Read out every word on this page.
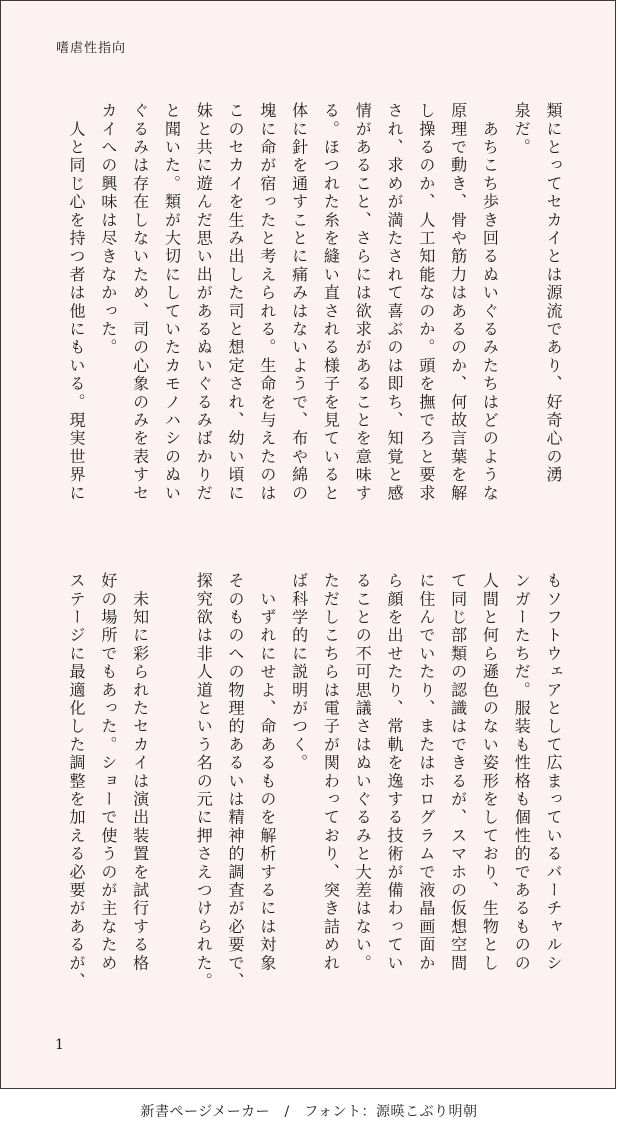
嗜虐性指向
類にとってセカイとは源流であり、好奇心の湧
泉だ。
　あちこち歩き回るぬいぐるみたちはどのような
原理で動き、骨や筋力はあるのか、何故言葉を解
し操るのか、人工知能なのか。頭を撫でろと要求
され、求めが満たされて喜ぶのは即ち、知覚と感
情があること、さらには欲求があることを意味す
る。ほつれた糸を縫い直される様子を見ていると
体に針を通すことに痛みはないようで、布や綿の
塊に命が宿ったと考えられる。生命を与えたのは
このセカイを生み出した司と想定され、幼い頃に
妹と共に遊んだ思い出があるぬいぐるみばかりだ
と聞いた。類が大切にしていたカモノハシのぬい
ぐるみは存在しないため、司の心象のみを表すセ
カイへの興味は尽きなかった。
　人と同じ心を持つ者は他にもいる。現実世界に
もソフトウェアとして広まっているバーチャルシ
ンガーたちだ。服装も性格も個性的であるものの
人間と何ら遜色のない姿形をしており、生物とし
て同じ部類の認識はできるが、スマホの仮想空間
に住んでいたり、またはホログラムで液晶画面か
ら顔を出せたり、常軌を逸する技術が備わってい
ることの不可思議さはぬいぐるみと大差はない。
ただしこちらは電子が関わっており、突き詰めれ
ば科学的に説明がつく。
　いずれにせよ、命あるものを解析するには対象
そのものへの物理的あるいは精神的調査が必要で、
探究欲は非人道という名の元に押さえつけられた。

　未知に彩られたセカイは演出装置を試行する格
好の場所でもあった。ショーで使うのが主なため
ステージに最適化した調整を加える必要があるが、
1
新書ページメーカー　/　フォント：源暎こぶり明朝
